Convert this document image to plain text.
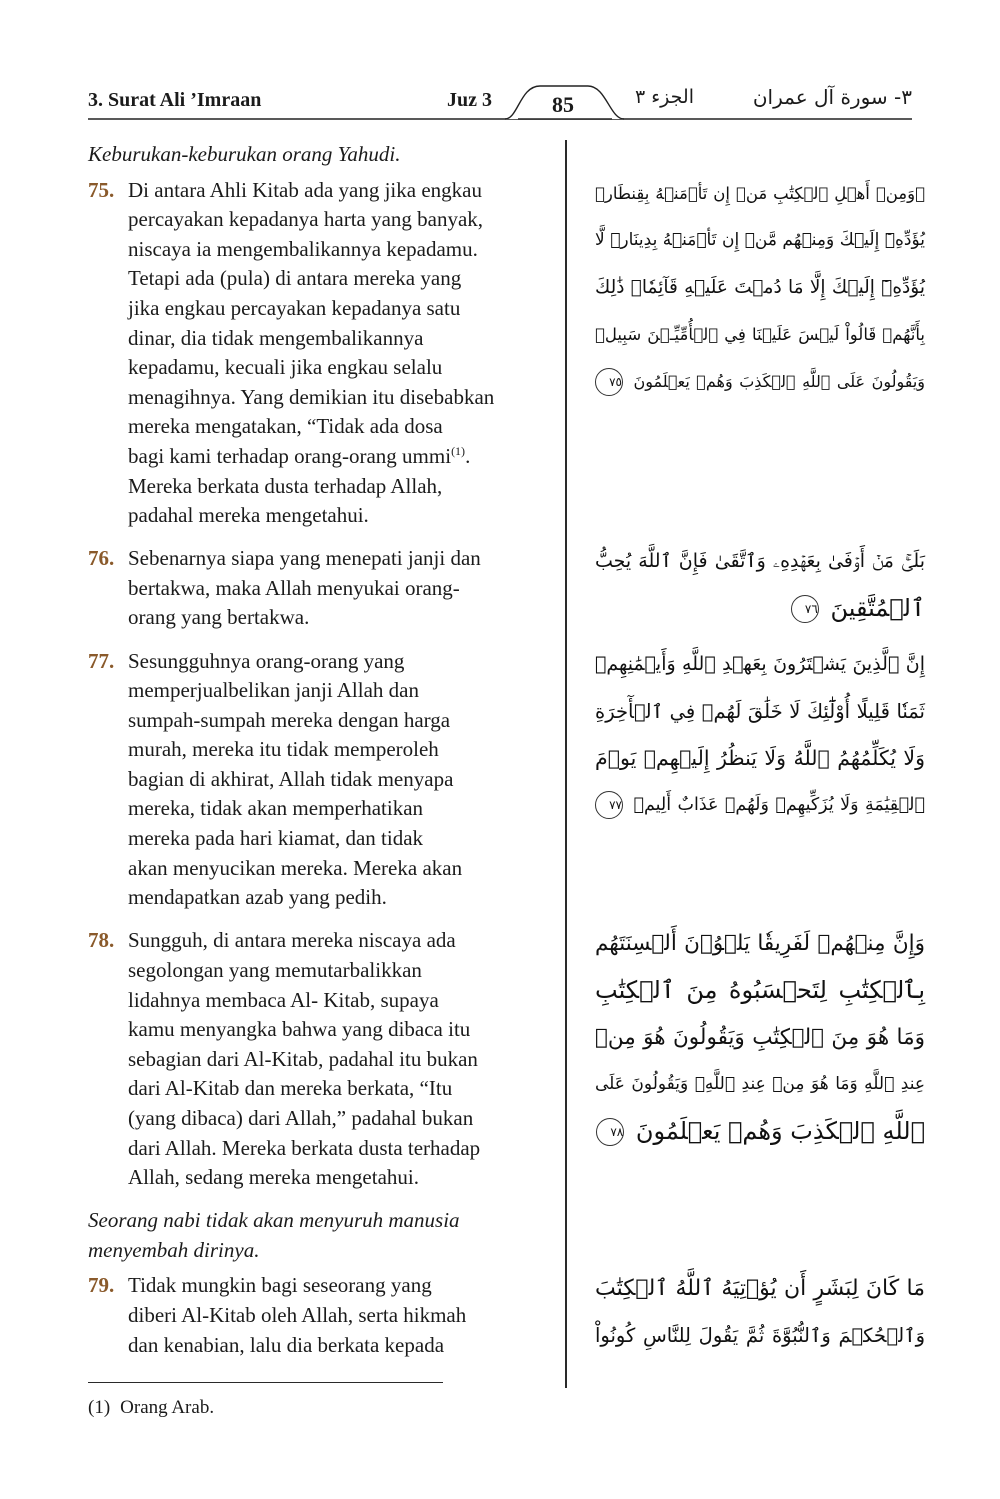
3. Surat Ali ’Imraan	Juz 3	85	الجزء ٣	٣- سورة آل عمران
Keburukan-keburukan orang Yahudi.
75. Di antara Ahli Kitab ada yang jika engkau
percayakan kepadanya harta yang banyak,
niscaya ia mengembalikannya kepadamu.
Tetapi ada (pula) di antara mereka yang
jika engkau percayakan kepadanya satu
dinar, dia tidak mengembalikannya
kepadamu, kecuali jika engkau selalu
menagihnya. Yang demikian itu disebabkan
mereka mengatakan, “Tidak ada dosa
bagi kami terhadap orang-orang ummi$^{(1)}$.
Mereka berkata dusta terhadap Allah,
padahal mereka mengetahui.
۞وَمِنۡ أَهۡلِ ٱلۡكِتَٰبِ مَنۡ إِن تَأۡمَنۡهُ بِقِنطَارٖ
يُؤَدِّهِۦٓ إِلَيۡكَ وَمِنۡهُم مَّنۡ إِن تَأۡمَنۡهُ بِدِينَارٖ لَّا
يُؤَدِّهِۦٓ إِلَيۡكَ إِلَّا مَا دُمۡتَ عَلَيۡهِ قَآئِمٗاۗ ذَٰلِكَ
بِأَنَّهُمۡ قَالُواْ لَيۡسَ عَلَيۡنَا فِي ٱلۡأُمِّيِّـۧنَ سَبِيلٞ
وَيَقُولُونَ عَلَى ٱللَّهِ ٱلۡكَذِبَ وَهُمۡ يَعۡلَمُونَ ٧٥
76. Sebenarnya siapa yang menepati janji dan
bertakwa, maka Allah menyukai orang-
orang yang bertakwa.
بَلَىٰۚ مَنۡ أَوۡفَىٰ بِعَهۡدِهِۦ وَٱتَّقَىٰ فَإِنَّ ٱللَّهَ يُحِبُّ
ٱلۡمُتَّقِينَ ٧٦
77. Sesungguhnya orang-orang yang
memperjualbelikan janji Allah dan
sumpah-sumpah mereka dengan harga
murah, mereka itu tidak memperoleh
bagian di akhirat, Allah tidak menyapa
mereka, tidak akan memperhatikan
mereka pada hari kiamat, dan tidak
akan menyucikan mereka. Mereka akan
mendapatkan azab yang pedih.
إِنَّ ٱلَّذِينَ يَشۡتَرُونَ بِعَهۡدِ ٱللَّهِ وَأَيۡمَٰنِهِمۡ
ثَمَنٗا قَلِيلًا أُوْلَٰٓئِكَ لَا خَلَٰقَ لَهُمۡ فِي ٱلۡأٓخِرَةِ
وَلَا يُكَلِّمُهُمُ ٱللَّهُ وَلَا يَنظُرُ إِلَيۡهِمۡ يَوۡمَ
ٱلۡقِيَٰمَةِ وَلَا يُزَكِّيهِمۡ وَلَهُمۡ عَذَابٌ أَلِيمٞ ٧٧
78. Sungguh, di antara mereka niscaya ada
segolongan yang memutarbalikkan
lidahnya membaca Al- Kitab, supaya
kamu menyangka bahwa yang dibaca itu
sebagian dari Al-Kitab, padahal itu bukan
dari Al-Kitab dan mereka berkata, “Itu
(yang dibaca) dari Allah,” padahal bukan
dari Allah. Mereka berkata dusta terhadap
Allah, sedang mereka mengetahui.
وَإِنَّ مِنۡهُمۡ لَفَرِيقٗا يَلۡوُۥنَ أَلۡسِنَتَهُم
بِٱلۡكِتَٰبِ لِتَحۡسَبُوهُ مِنَ ٱلۡكِتَٰبِ
وَمَا هُوَ مِنَ ٱلۡكِتَٰبِ وَيَقُولُونَ هُوَ مِنۡ
عِندِ ٱللَّهِ وَمَا هُوَ مِنۡ عِندِ ٱللَّهِۖ وَيَقُولُونَ عَلَى
ٱللَّهِ ٱلۡكَذِبَ وَهُمۡ يَعۡلَمُونَ ٧٨
Seorang nabi tidak akan menyuruh manusia
menyembah dirinya.
79. Tidak mungkin bagi seseorang yang
diberi Al-Kitab oleh Allah, serta hikmah
dan kenabian, lalu dia berkata kepada
مَا كَانَ لِبَشَرٍ أَن يُؤۡتِيَهُ ٱللَّهُ ٱلۡكِتَٰبَ
وَٱلۡحُكۡمَ وَٱلنُّبُوَّةَ ثُمَّ يَقُولَ لِلنَّاسِ كُونُواْ
(1) Orang Arab.
